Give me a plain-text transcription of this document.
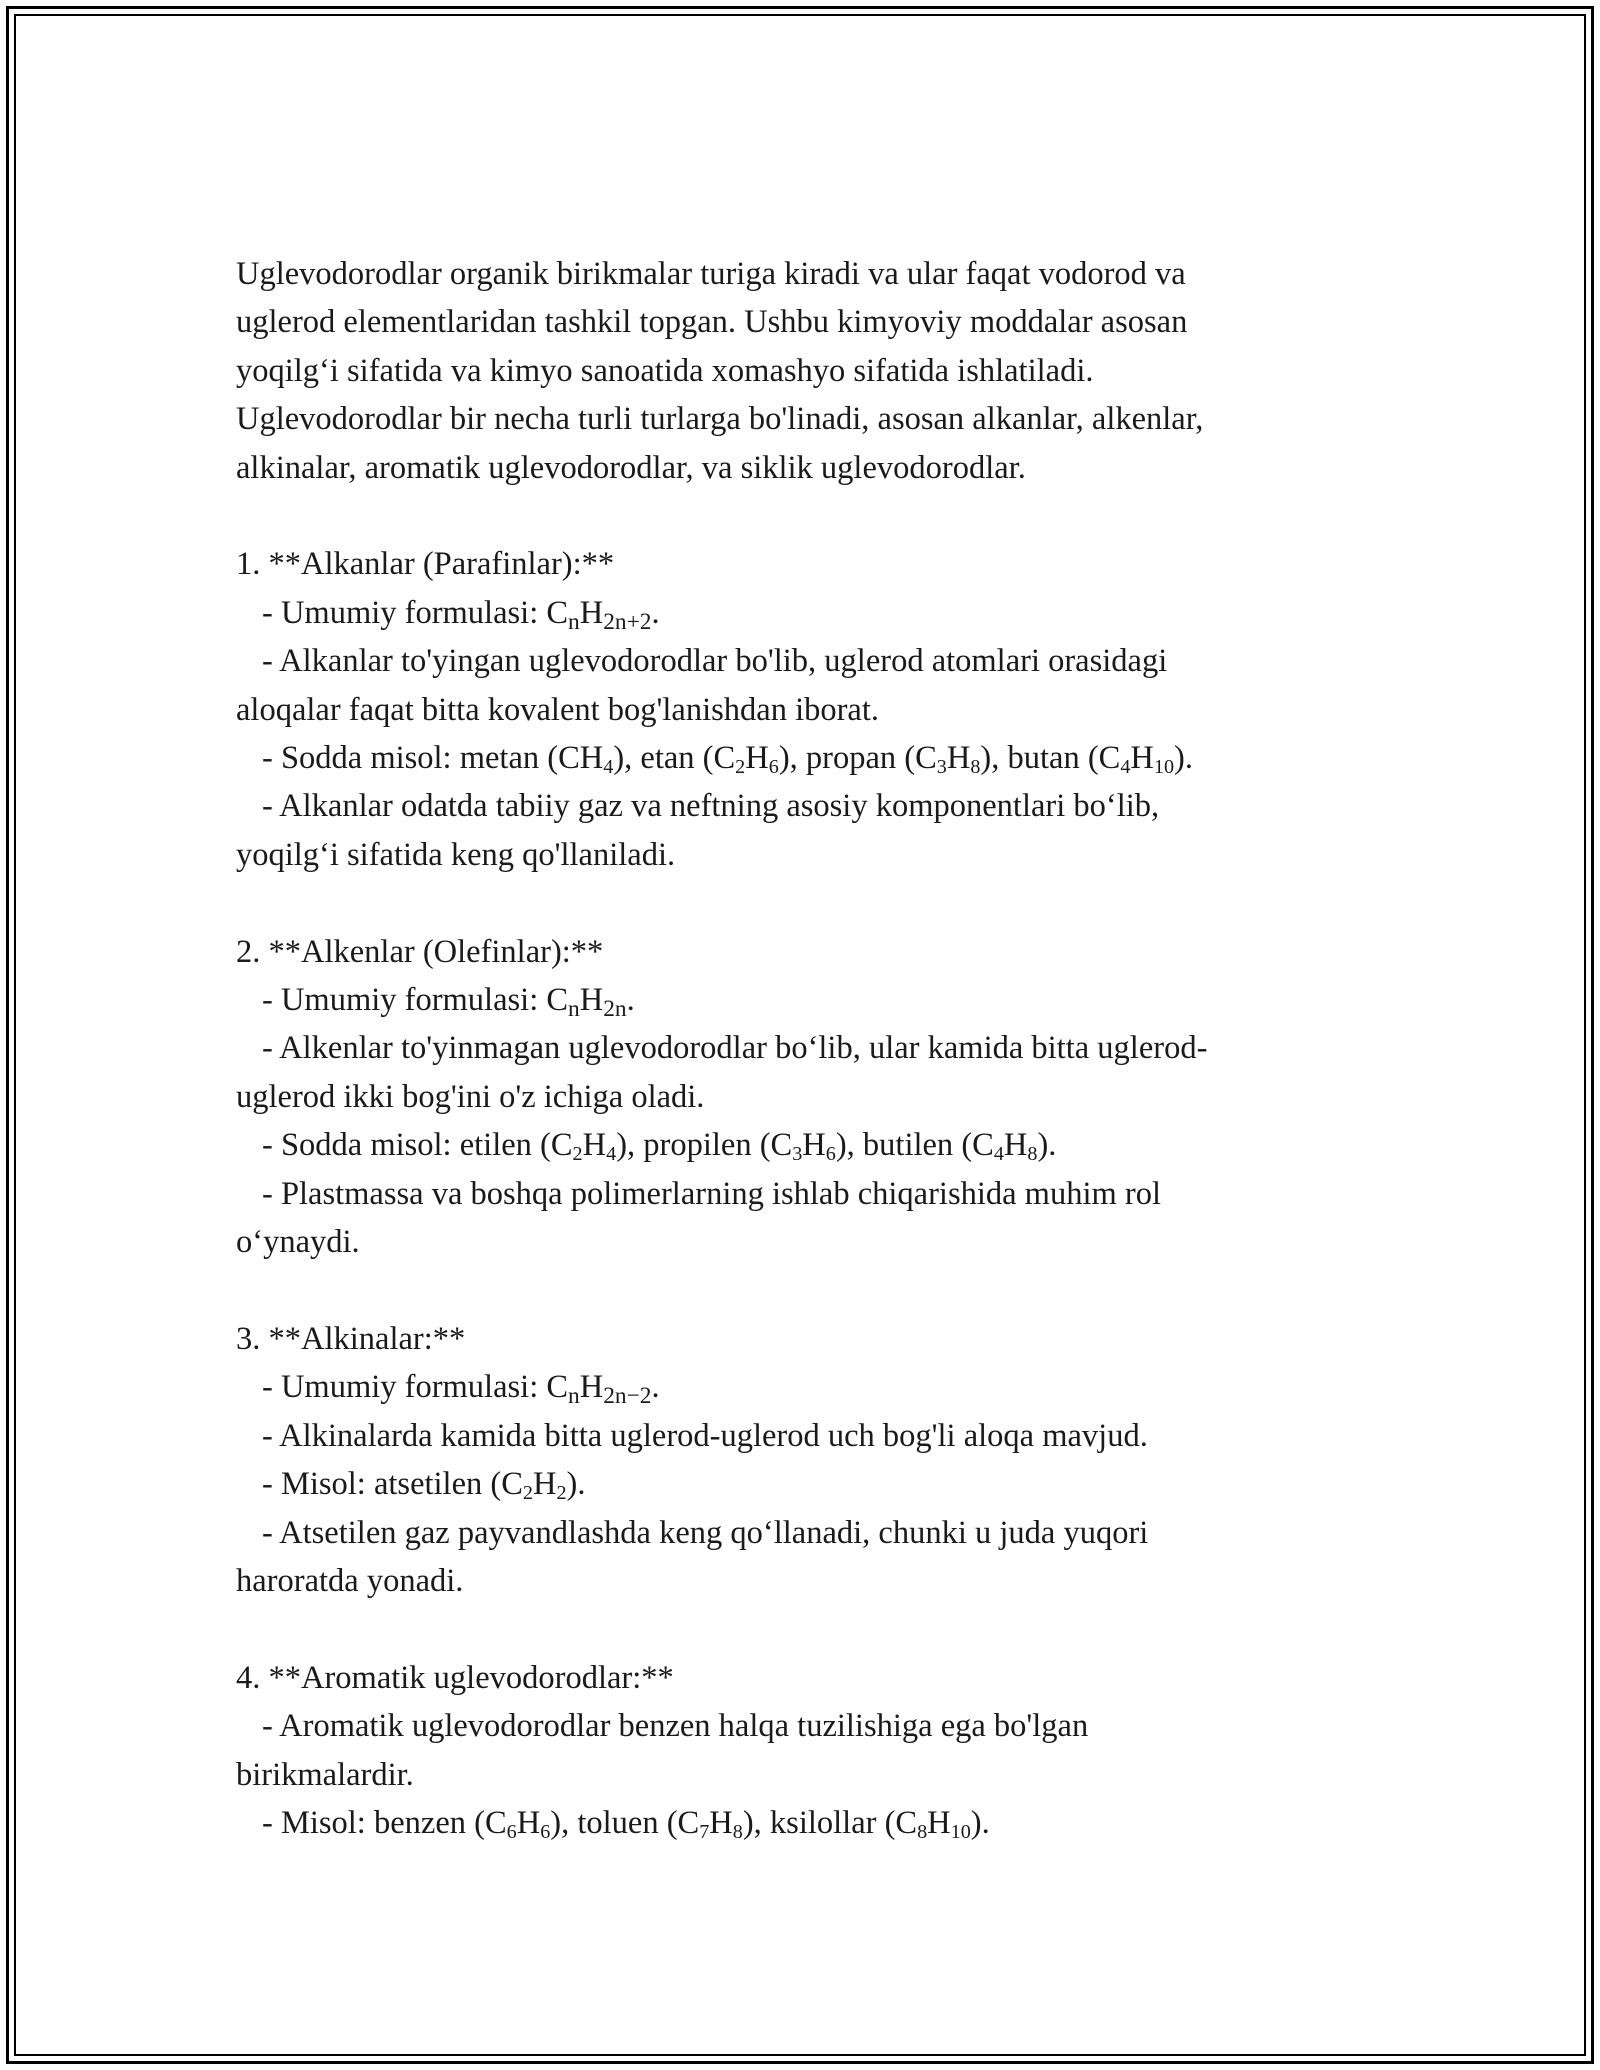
Uglevodorodlar organik birikmalar turiga kiradi va ular faqat vodorod va
uglerod elementlaridan tashkil topgan. Ushbu kimyoviy moddalar asosan
yoqilg‘i sifatida va kimyo sanoatida xomashyo sifatida ishlatiladi.
Uglevodorodlar bir necha turli turlarga bo'linadi, asosan alkanlar, alkenlar,
alkinalar, aromatik uglevodorodlar, va siklik uglevodorodlar.
1. **Alkanlar (Parafinlar):**
- Umumiy formulasi: $C_nH_{2n+2}$.
- Alkanlar to'yingan uglevodorodlar bo'lib, uglerod atomlari orasidagi
aloqalar faqat bitta kovalent bog'lanishdan iborat.
- Sodda misol: metan $(CH_4)$, etan $(C_2H_6)$, propan $(C_3H_8)$, butan $(C_4H_{10})$.
- Alkanlar odatda tabiiy gaz va neftning asosiy komponentlari bo‘lib,
yoqilg‘i sifatida keng qo'llaniladi.
2. **Alkenlar (Olefinlar):**
- Umumiy formulasi: $C_nH_{2n}$.
- Alkenlar to'yinmagan uglevodorodlar bo‘lib, ular kamida bitta uglerod-
uglerod ikki bog'ini o'z ichiga oladi.
- Sodda misol: etilen $(C_2H_4)$, propilen $(C_3H_6)$, butilen $(C_4H_8)$.
- Plastmassa va boshqa polimerlarning ishlab chiqarishida muhim rol
o‘ynaydi.
3. **Alkinalar:**
- Umumiy formulasi: $C_nH_{2n-2}$.
- Alkinalarda kamida bitta uglerod-uglerod uch bog'li aloqa mavjud.
- Misol: atsetilen $(C_2H_2)$.
- Atsetilen gaz payvandlashda keng qo‘llanadi, chunki u juda yuqori
haroratda yonadi.
4. **Aromatik uglevodorodlar:**
- Aromatik uglevodorodlar benzen halqa tuzilishiga ega bo'lgan
birikmalardir.
- Misol: benzen $(C_6H_6)$, toluen $(C_7H_8)$, ksilollar $(C_8H_{10})$.
